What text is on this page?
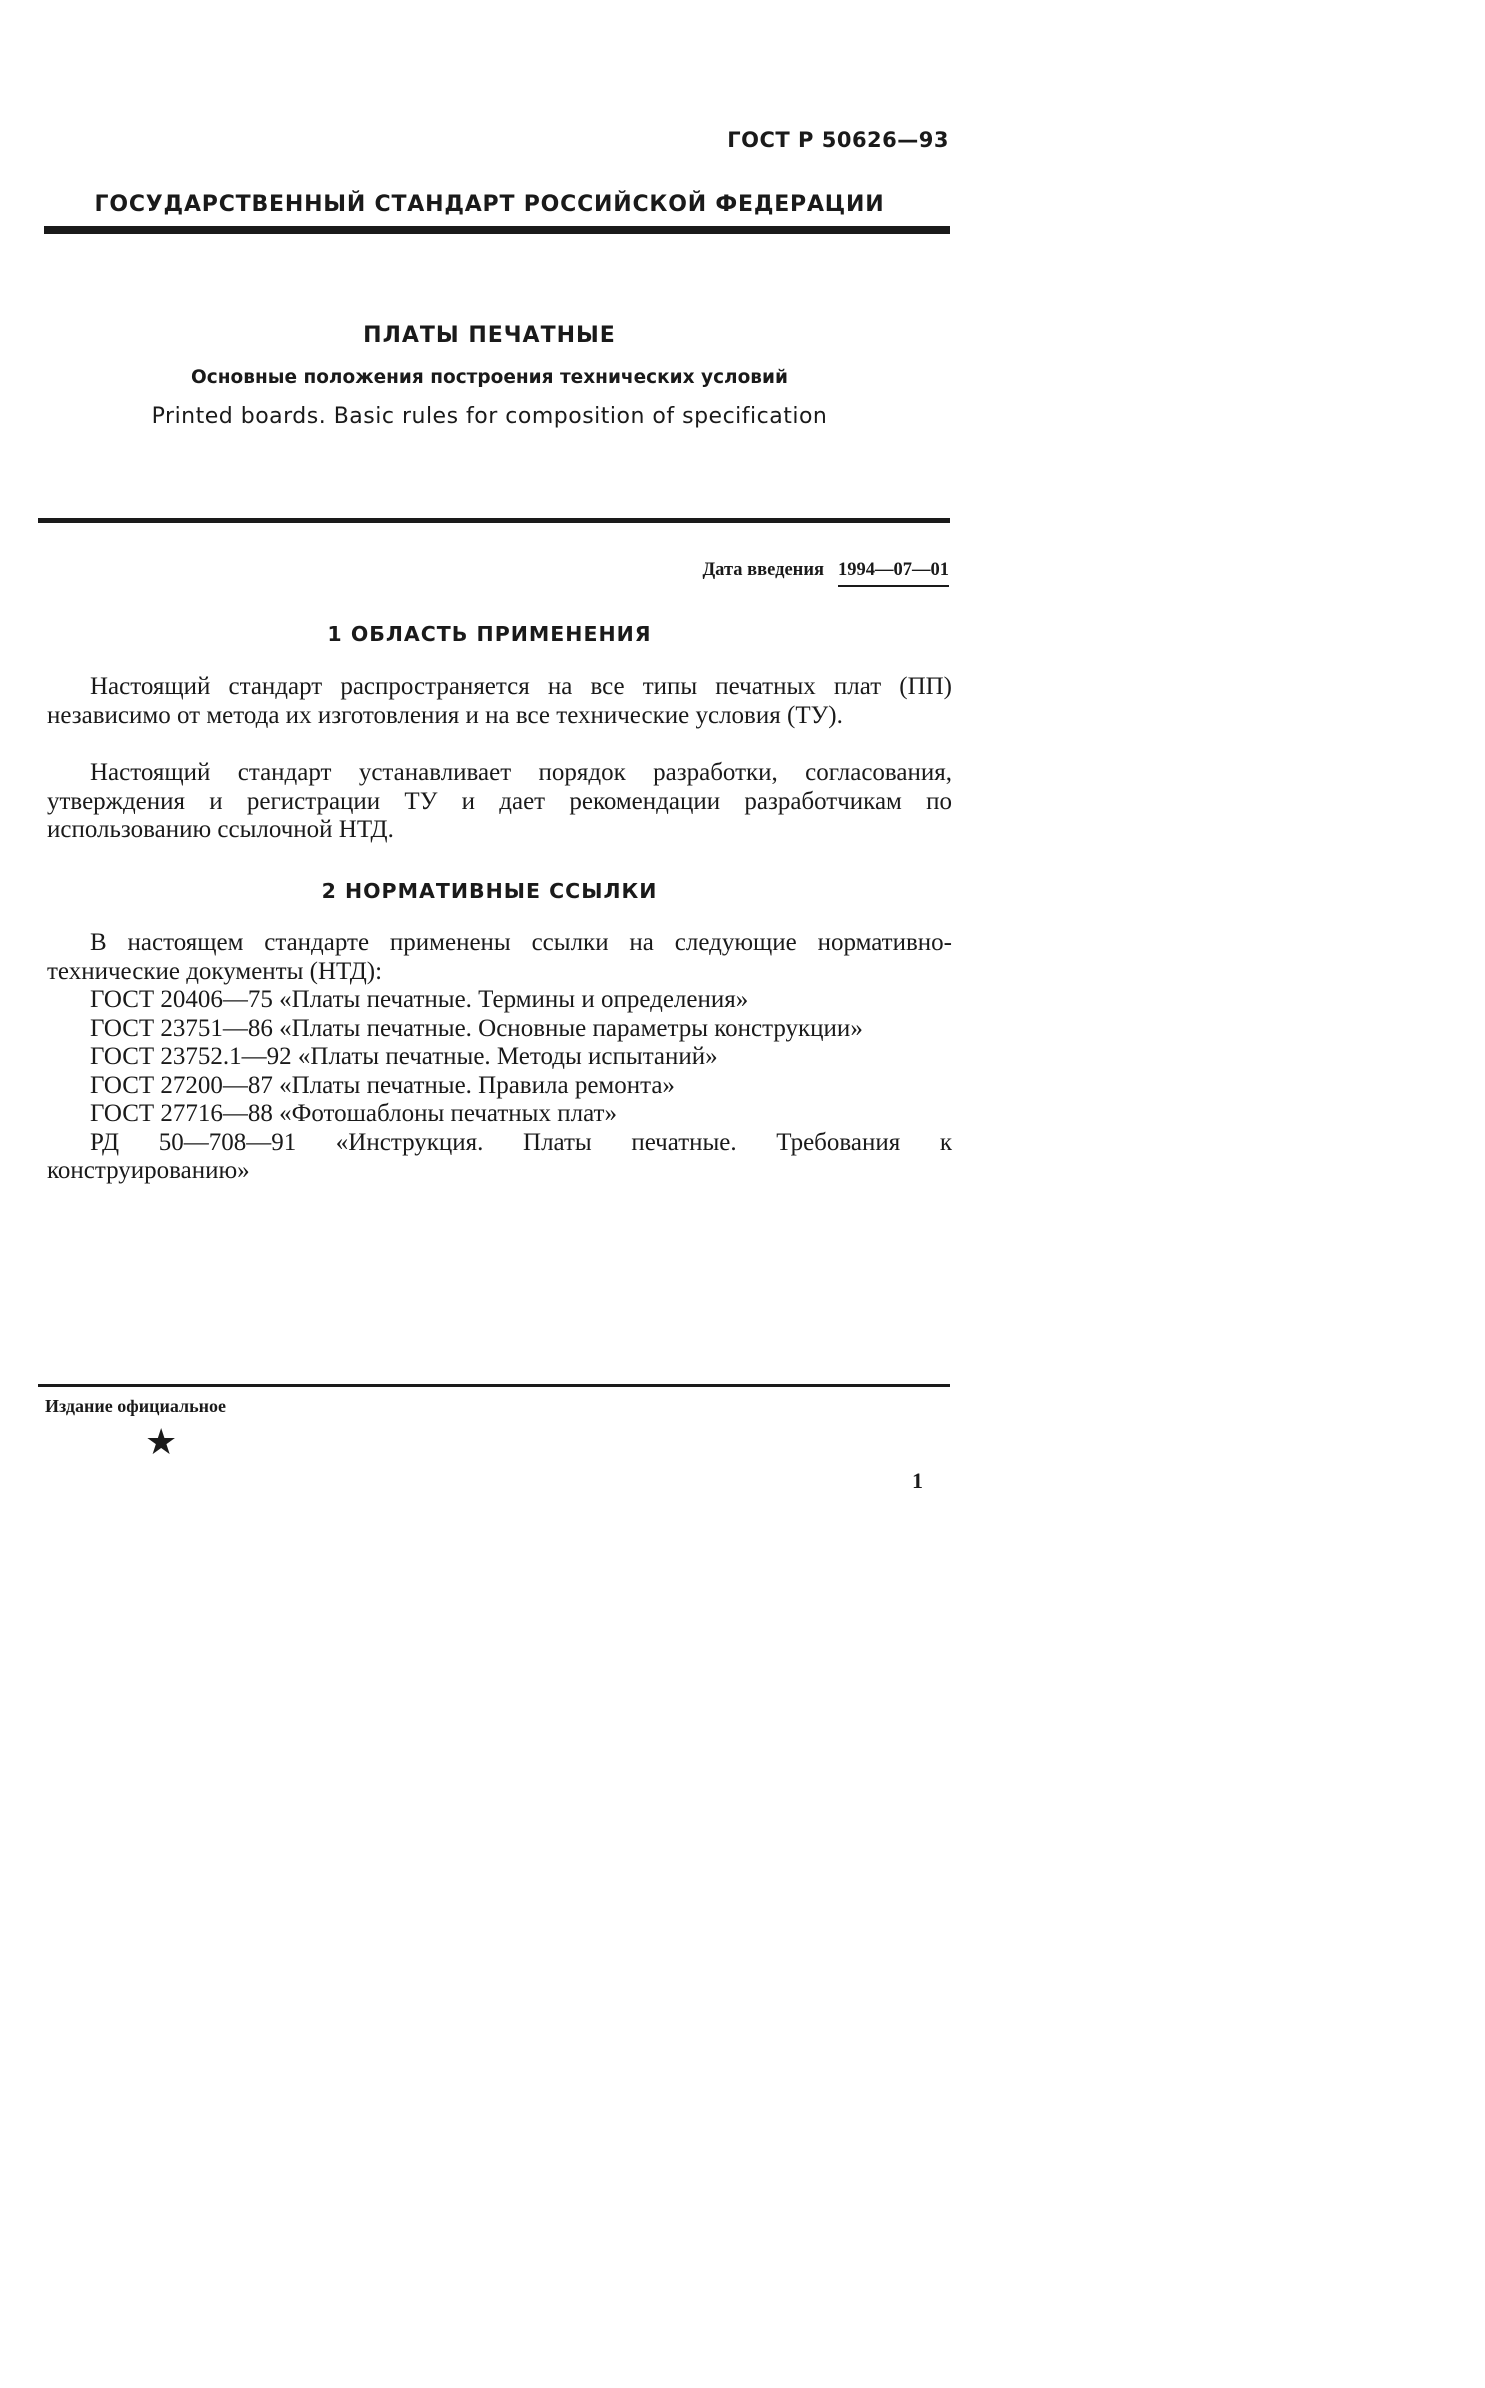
ГОСТ Р 50626—93
ГОСУДАРСТВЕННЫЙ СТАНДАРТ РОССИЙСКОЙ ФЕДЕРАЦИИ
ПЛАТЫ ПЕЧАТНЫЕ
Основные положения построения технических условий
Printed boards. Basic rules for composition of specification
Дата введения 1994—07—01
1 ОБЛАСТЬ ПРИМЕНЕНИЯ
Настоящий стандарт распространяется на все типы печатных плат (ПП) независимо от метода их изготовления и на все технические условия (ТУ).
Настоящий стандарт устанавливает порядок разработки, согласования, утверждения и регистрации ТУ и дает рекомендации разработчикам по использованию ссылочной НТД.
2 НОРМАТИВНЫЕ ССЫЛКИ
В настоящем стандарте применены ссылки на следующие нормативно-технические документы (НТД):
ГОСТ 20406—75 «Платы печатные. Термины и определения»
ГОСТ 23751—86 «Платы печатные. Основные параметры конструкции»
ГОСТ 23752.1—92 «Платы печатные. Методы испытаний»
ГОСТ 27200—87 «Платы печатные. Правила ремонта»
ГОСТ 27716—88 «Фотошаблоны печатных плат»
РД 50—708—91 «Инструкция. Платы печатные. Требования к конструированию»
Издание официальное
★
1
